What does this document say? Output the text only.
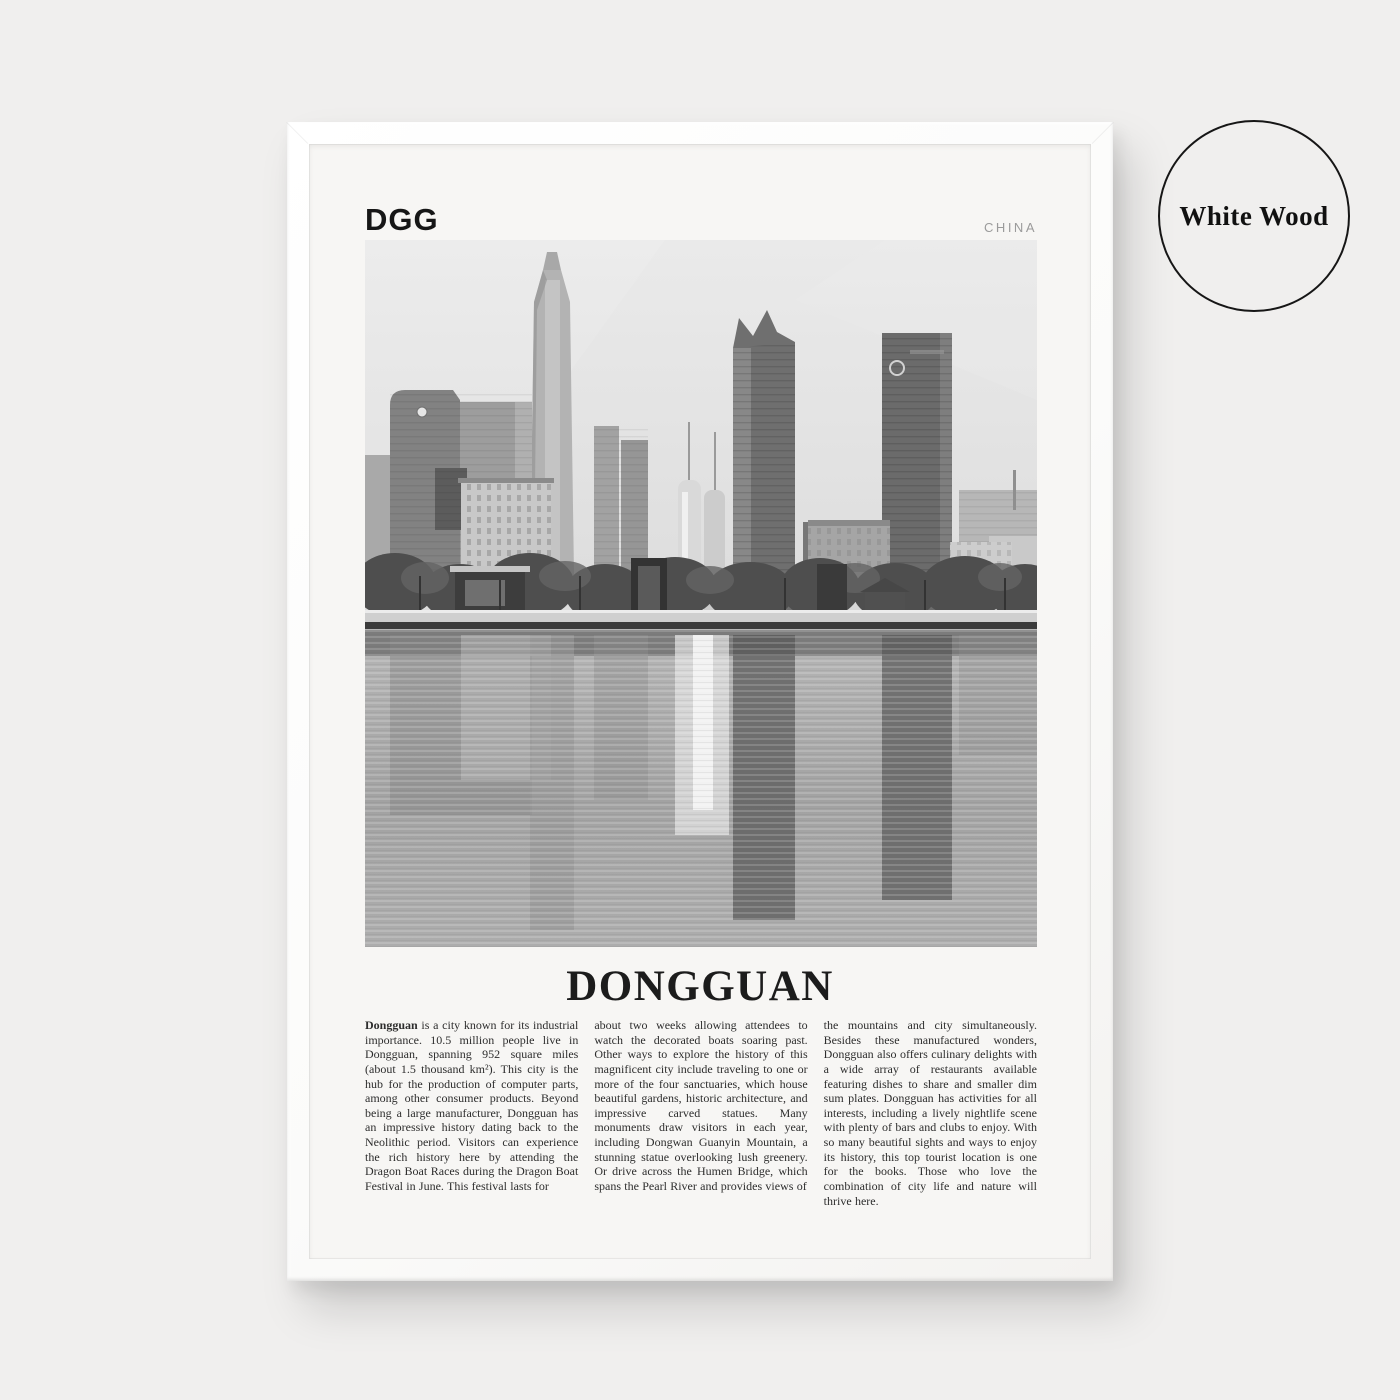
DGG	CHINA
DONGGUAN

Dongguan is a city known for its industrial importance. 10.5 million people live in Dongguan, spanning 952 square miles (about 1.5 thousand km²). This city is the hub for the production of computer parts, among other consumer products. Beyond being a large manufacturer, Dongguan has an impressive history dating back to the Neolithic period. Visitors can experience the rich history here by attending the Dragon Boat Races during the Dragon Boat Festival in June. This festival lasts for

about two weeks allowing attendees to watch the decorated boats soaring past. Other ways to explore the history of this magnificent city include traveling to one or more of the four sanctuaries, which house beautiful gardens, historic architecture, and impressive carved statues. Many monuments draw visitors in each year, including Dongwan Guanyin Mountain, a stunning statue overlooking lush greenery. Or drive across the Humen Bridge, which spans the Pearl River and provides views of

the mountains and city simultaneously. Besides these manufactured wonders, Dongguan also offers culinary delights with a wide array of restaurants available featuring dishes to share and smaller dim sum plates. Dongguan has activities for all interests, including a lively nightlife scene with plenty of bars and clubs to enjoy. With so many beautiful sights and ways to enjoy its history, this top tourist location is one for the books. Those who love the combination of city life and nature will thrive here.

White Wood
